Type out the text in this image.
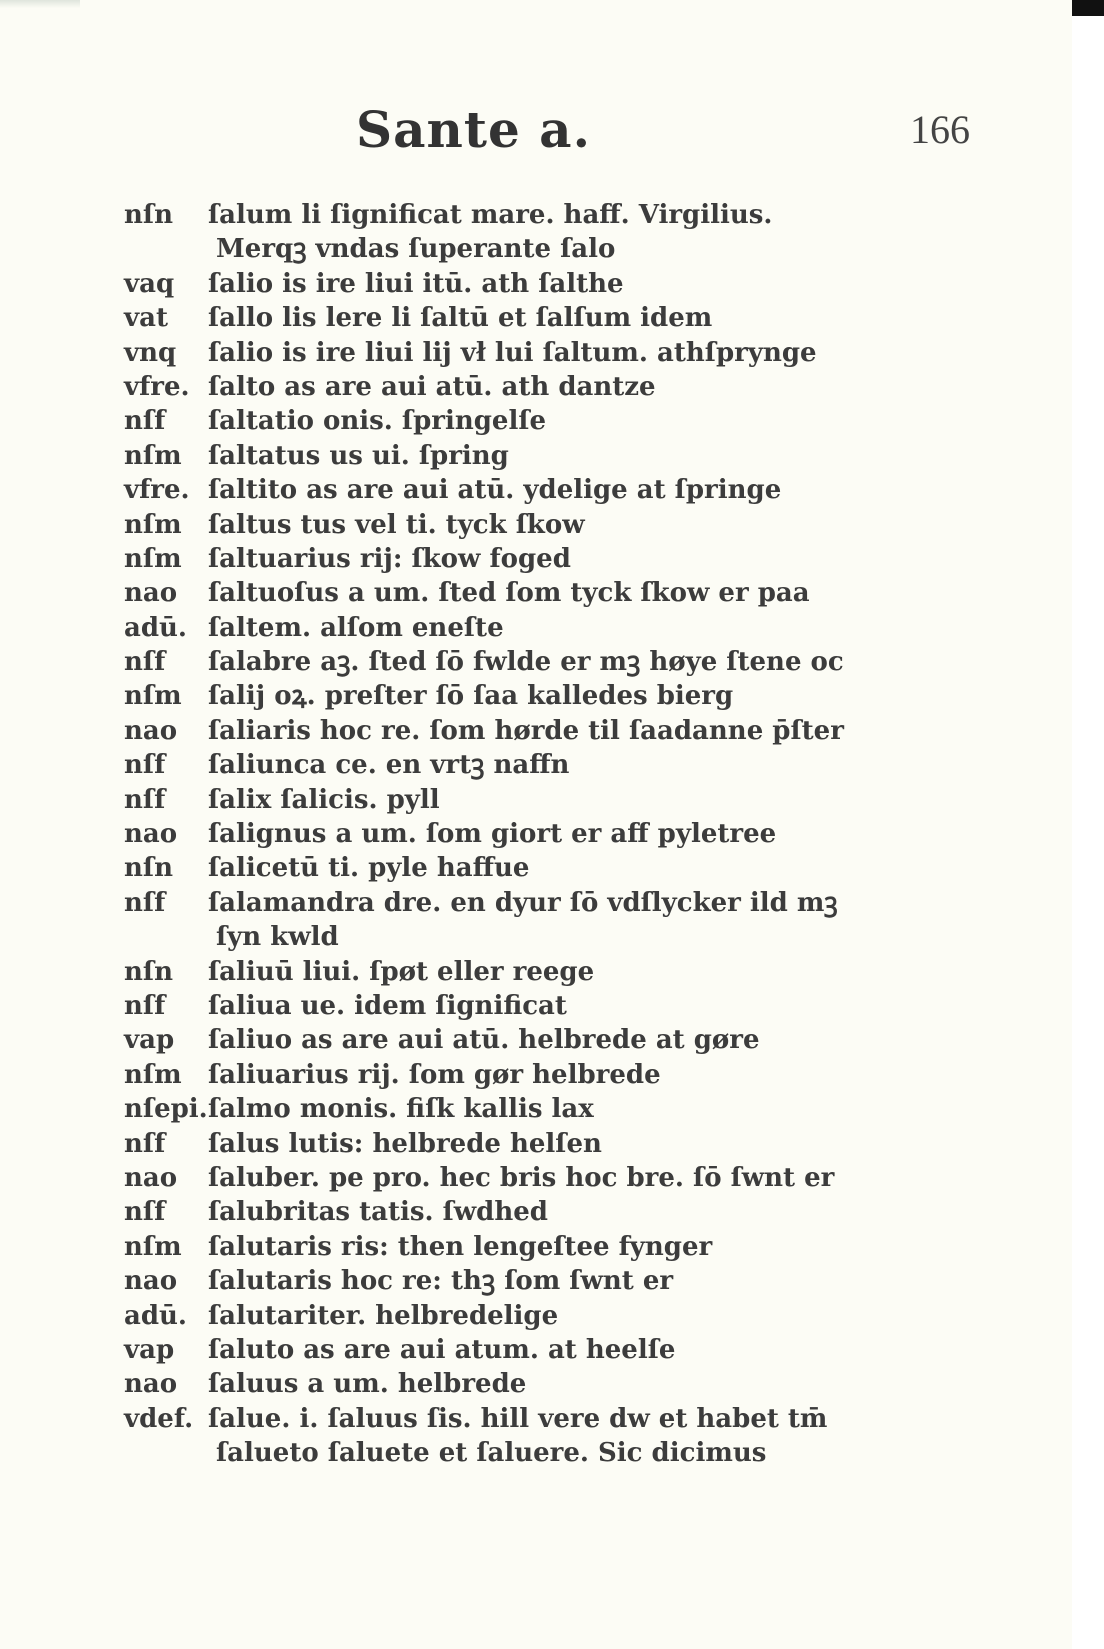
Sante a.	166
nſn	ſalum li ſignificat mare. haff. Virgilius.
Merqꝫ vndas ſuperante ſalo
vaq	ſalio is ire liui itū. ath ſalthe
vat	ſallo lis lere li ſaltū et ſalſum idem
vnq	ſalio is ire liui lij vł lui ſaltum. athſprynge
vfre. ſalto as are aui atū. ath dantze
nſf	ſaltatio onis. ſpringelſe
nſm	ſaltatus us ui. ſpring
vfre. ſaltito as are aui atū. ydelige at ſpringe
nſm	ſaltus tus vel ti. tyck ſkow
nſm	ſaltuarius rij: ſkow foged
nao	ſaltuoſus a um. ſted ſom tyck ſkow er paa
adū. ſaltem. alſom eneſte
nſf	ſalabre aꝫ. ſted ſō fwlde er mꝫ høye ſtene oc
nſm	ſalij oꝝ. preſter ſō ſaa kalledes bierg
nao	ſaliaris hoc re. ſom hørde til ſaadanne p̄ſter
nſf	ſaliunca ce. en vrtꝫ naffn
nſf	ſalix ſalicis. pyll
nao	ſalignus a um. ſom giort er aff pyletree
nſn	ſalicetū ti. pyle haffue
nſf	ſalamandra dre. en dyur ſō vdſlycker ild mꝫ
ſyn kwld
nſn	ſaliuū liui. ſpøt eller reege
nſf	ſaliua ue. idem ſignificat
vap	ſaliuo as are aui atū. helbrede at gøre
nſm	ſaliuarius rij. ſom gør helbrede
nſepi. ſalmo monis. fiſk kallis lax
nſf	ſalus lutis: helbrede helſen
nao	ſaluber. pe pro. hec bris hoc bre. ſō ſwnt er
nſf	ſalubritas tatis. ſwdhed
nſm	ſalutaris ris: then lengeſtee fynger
nao	ſalutaris hoc re: thꝫ ſom ſwnt er
adū. ſalutariter. helbredelige
vap	ſaluto as are aui atum. at heelſe
nao	ſaluus a um. helbrede
vdef. ſalue. i. ſaluus ſis. hill vere dw et habet tm̄
ſalueto ſaluete et ſaluere. Sic dicimus
